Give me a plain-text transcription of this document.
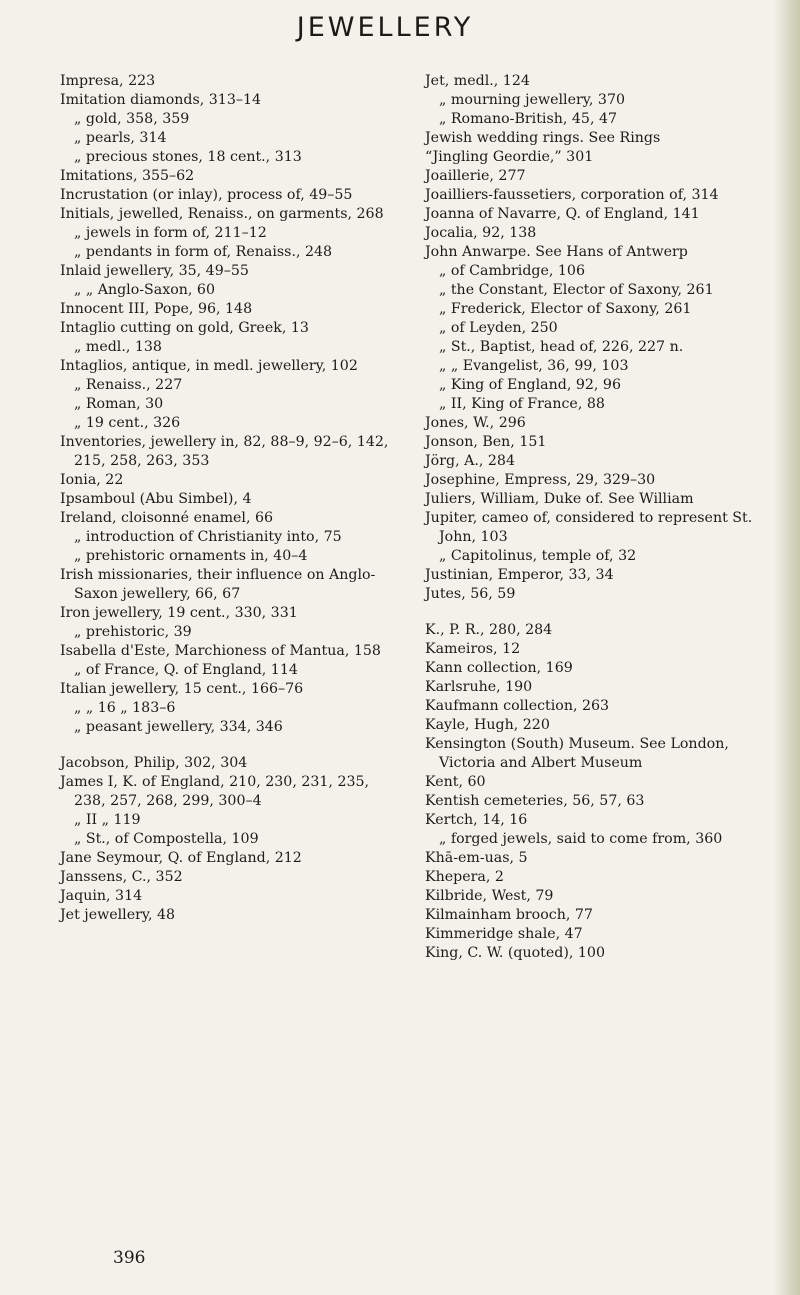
JEWELLERY

Impresa, 223

Imitation diamonds, 313–14

„ gold, 358, 359

„ pearls, 314

„ precious stones, 18 cent., 313

Imitations, 355–62

Incrustation (or inlay), process of, 49–55

Initials, jewelled, Renaiss., on garments, 268

„ jewels in form of, 211–12

„ pendants in form of, Renaiss., 248

Inlaid jewellery, 35, 49–55

„ „ Anglo-Saxon, 60

Innocent III, Pope, 96, 148

Intaglio cutting on gold, Greek, 13

„ medl., 138

Intaglios, antique, in medl. jewellery, 102

„ Renaiss., 227

„ Roman, 30

„ 19 cent., 326

Inventories, jewellery in, 82, 88–9, 92–6, 142, 215, 258, 263, 353

Ionia, 22

Ipsamboul (Abu Simbel), 4

Ireland, cloisonné enamel, 66

„ introduction of Christianity into, 75

„ prehistoric ornaments in, 40–4

Irish missionaries, their influence on Anglo-Saxon jewellery, 66, 67

Iron jewellery, 19 cent., 330, 331

„ prehistoric, 39

Isabella d'Este, Marchioness of Mantua, 158

„ of France, Q. of England, 114

Italian jewellery, 15 cent., 166–76

„ „ 16 „ 183–6

„ peasant jewellery, 334, 346

Jacobson, Philip, 302, 304

James I, K. of England, 210, 230, 231, 235, 238, 257, 268, 299, 300–4

„ II „ 119

„ St., of Compostella, 109

Jane Seymour, Q. of England, 212

Janssens, C., 352

Jaquin, 314

Jet jewellery, 48

Jet, medl., 124

„ mourning jewellery, 370

„ Romano-British, 45, 47

Jewish wedding rings. See Rings

“Jingling Geordie,” 301

Joaillerie, 277

Joailliers-faussetiers, corporation of, 314

Joanna of Navarre, Q. of England, 141

Jocalia, 92, 138

John Anwarpe. See Hans of Antwerp

„ of Cambridge, 106

„ the Constant, Elector of Saxony, 261

„ Frederick, Elector of Saxony, 261

„ of Leyden, 250

„ St., Baptist, head of, 226, 227 n.

„ „ Evangelist, 36, 99, 103

„ King of England, 92, 96

„ II, King of France, 88

Jones, W., 296

Jonson, Ben, 151

Jörg, A., 284

Josephine, Empress, 29, 329–30

Juliers, William, Duke of. See William

Jupiter, cameo of, considered to represent St. John, 103

„ Capitolinus, temple of, 32

Justinian, Emperor, 33, 34

Jutes, 56, 59

K., P. R., 280, 284

Kameiros, 12

Kann collection, 169

Karlsruhe, 190

Kaufmann collection, 263

Kayle, Hugh, 220

Kensington (South) Museum. See London, Victoria and Albert Museum

Kent, 60

Kentish cemeteries, 56, 57, 63

Kertch, 14, 16

„ forged jewels, said to come from, 360

Khā-em-uas, 5

Khepera, 2

Kilbride, West, 79

Kilmainham brooch, 77

Kimmeridge shale, 47

King, C. W. (quoted), 100

396
